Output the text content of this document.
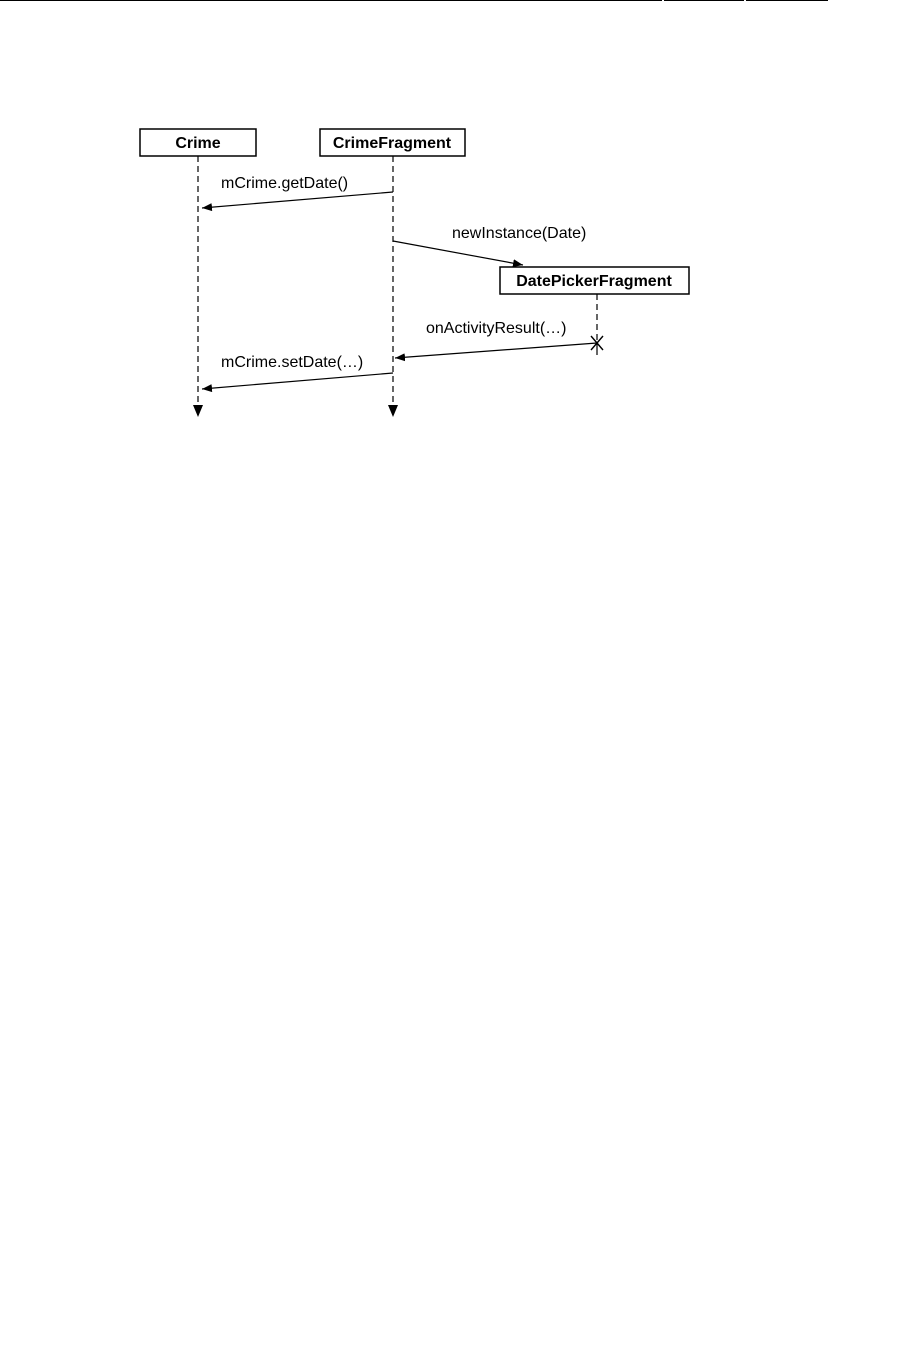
Crime	CrimeFragment
DatePickerFragment
mCrime.getDate()
newInstance(Date)
onActivityResult(…)
mCrime.setDate(…)
